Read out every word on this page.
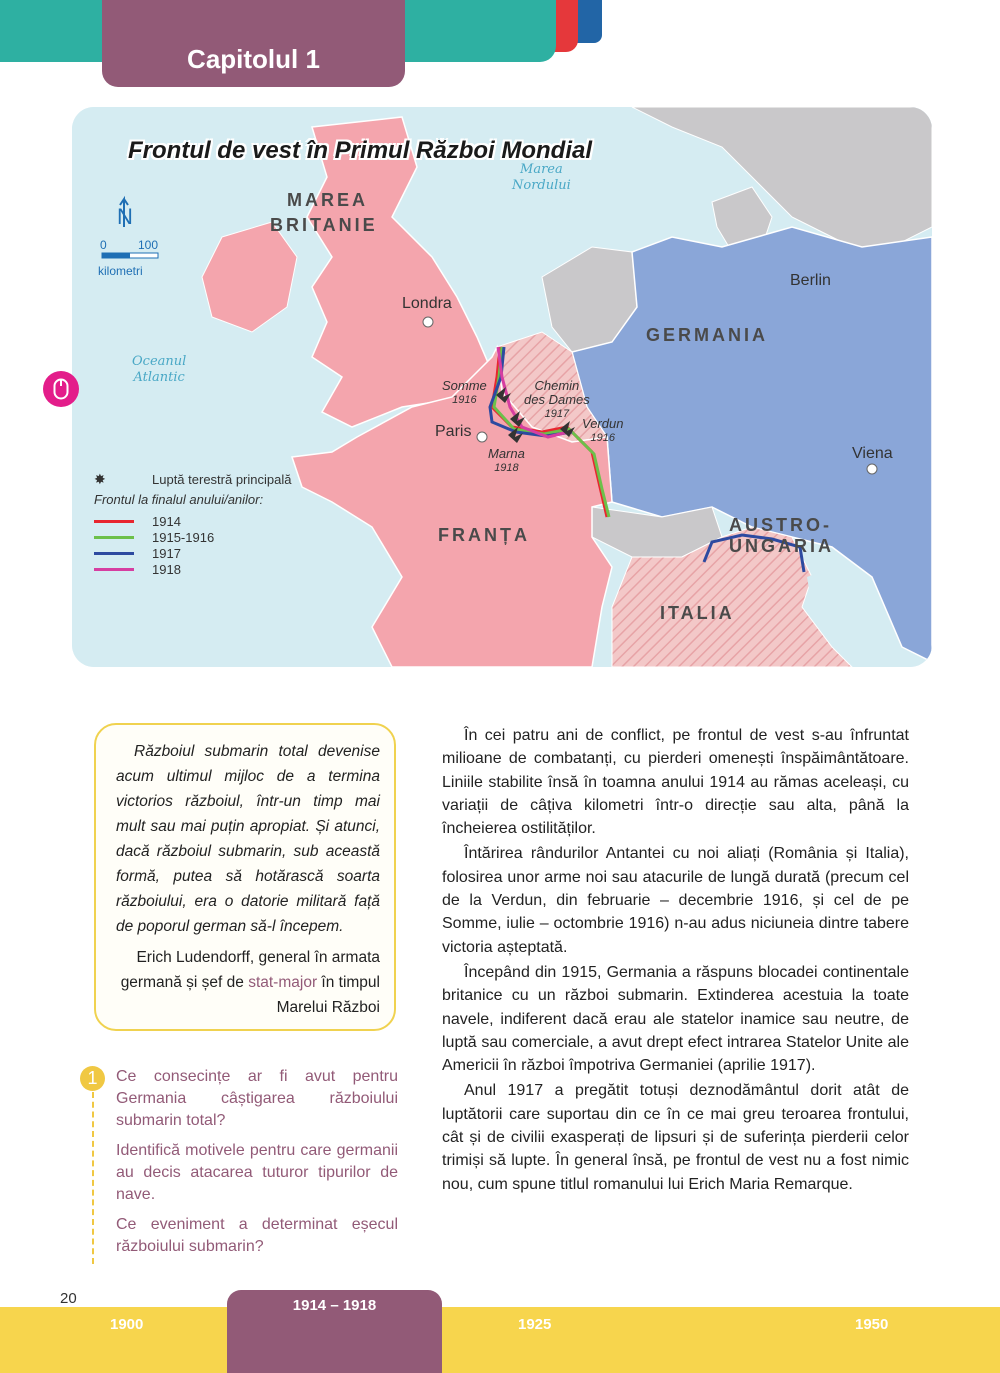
Capitolul 1
Frontul de vest în Primul Război Mondial
MAREA
BRITANIE
GERMANIA
FRANȚA	AUSTRO-UNGARIA
ITALIA
Londra
Paris
Berlin
Viena
Marea
Nordului
Oceanul
Atlantic
Somme
1916
Chemin
des Dames
1917
Verdun
1916
Marna
1918
N
0	100
kilometri
✸	Luptă terestră principală
Frontul la finalul anului/anilor:
1914
1915-1916
1917
1918

Războiul submarin total devenise acum ultimul mijloc de a termina victorios războiul, într-un timp mai mult sau mai puțin apropiat. Și atunci, dacă războiul submarin, sub această formă, putea să hotărască soarta războiului, era o datorie militară față de poporul german să-l începem.

Erich Ludendorff, general în armata germană și șef de stat-major în timpul Marelui Război

1	Ce consecințe ar fi avut pentru Germania câștigarea războiului submarin total?

Identifică motivele pentru care germanii au decis atacarea tuturor tipurilor de nave.

Ce eveniment a determinat eșecul războiului submarin?

În cei patru ani de conflict, pe frontul de vest s-au înfruntat milioane de combatanți, cu pierderi omenești înspăimântătoare. Liniile stabilite însă în toamna anului 1914 au rămas aceleași, cu variații de câțiva kilometri într-o direcție sau alta, până la încheierea ostilităților.

Întărirea rândurilor Antantei cu noi aliați (România și Italia), folosirea unor arme noi sau atacurile de lungă durată (precum cel de la Verdun, din februarie – decembrie 1916, și cel de pe Somme, iulie – octombrie 1916) n-au adus niciuneia dintre tabere victoria așteptată.

Începând din 1915, Germania a răspuns blocadei continentale britanice cu un război submarin. Extinderea acestuia la toate navele, indiferent dacă erau ale statelor inamice sau neutre, de luptă sau comerciale, a avut drept efect intrarea Statelor Unite ale Americii în război împotriva Germaniei (aprilie 1917).

Anul 1917 a pregătit totuși deznodământul dorit atât de luptătorii care suportau din ce în ce mai greu teroarea frontului, cât și de civilii exasperați de lipsuri și de suferința pierderii celor trimiși să lupte. În general însă, pe frontul de vest nu a fost nimic nou, cum spune titlul romanului lui Erich Maria Remarque.

20
1900	1925	1950
1914 – 1918
